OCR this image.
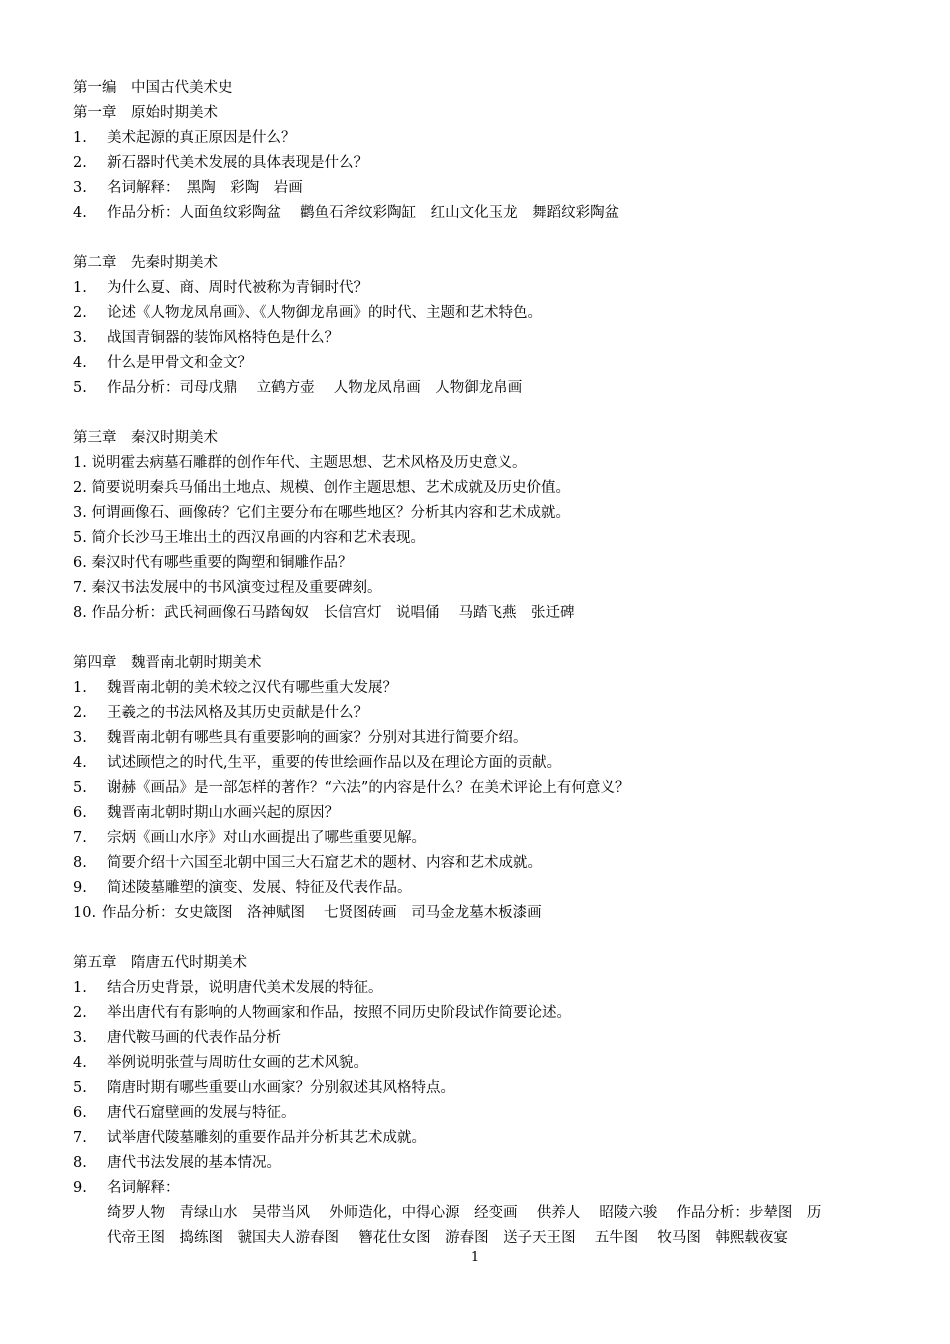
第一编　中国古代美术史
第一章　原始时期美术
1. 美术起源的真正原因是什么？
2. 新石器时代美术发展的具体表现是什么？
3. 名词解释：　黑陶　彩陶　岩画
4. 作品分析：人面鱼纹彩陶盆　 鹳鱼石斧纹彩陶缸　红山文化玉龙　舞蹈纹彩陶盆
第二章　先秦时期美术
1. 为什么夏、商、周时代被称为青铜时代？
2. 论述《人物龙凤帛画》、《人物御龙帛画》的时代、主题和艺术特色。
3. 战国青铜器的装饰风格特色是什么？
4. 什么是甲骨文和金文？
5. 作品分析：司母戊鼎　 立鹤方壶　 人物龙凤帛画　人物御龙帛画
第三章　秦汉时期美术
1. 说明霍去病墓石雕群的创作年代、主题思想、艺术风格及历史意义。
2. 简要说明秦兵马俑出土地点、规模、创作主题思想、艺术成就及历史价值。
3. 何谓画像石、画像砖？它们主要分布在哪些地区？分析其内容和艺术成就。
5. 简介长沙马王堆出土的西汉帛画的内容和艺术表现。
6. 秦汉时代有哪些重要的陶塑和铜雕作品？
7. 秦汉书法发展中的书风演变过程及重要碑刻。
8. 作品分析：武氏祠画像石马踏匈奴　长信宫灯　说唱俑　 马踏飞燕　张迁碑
第四章　魏晋南北朝时期美术
1. 魏晋南北朝的美术较之汉代有哪些重大发展？
2. 王羲之的书法风格及其历史贡献是什么？
3. 魏晋南北朝有哪些具有重要影响的画家？分别对其进行简要介绍。
4. 试述顾恺之的时代,生平，重要的传世绘画作品以及在理论方面的贡献。
5. 谢赫《画品》是一部怎样的著作？“六法”的内容是什么？在美术评论上有何意义？
6. 魏晋南北朝时期山水画兴起的原因？
7. 宗炳《画山水序》对山水画提出了哪些重要见解。
8. 简要介绍十六国至北朝中国三大石窟艺术的题材、内容和艺术成就。
9. 简述陵墓雕塑的演变、发展、特征及代表作品。
10. 作品分析：女史箴图　洛神赋图　 七贤图砖画　司马金龙墓木板漆画
第五章　隋唐五代时期美术
1. 结合历史背景，说明唐代美术发展的特征。
2. 举出唐代有有影响的人物画家和作品，按照不同历史阶段试作简要论述。
3. 唐代鞍马画的代表作品分析
4. 举例说明张萱与周昉仕女画的艺术风貌。
5. 隋唐时期有哪些重要山水画家？分别叙述其风格特点。
6. 唐代石窟壁画的发展与特征。
7. 试举唐代陵墓雕刻的重要作品并分析其艺术成就。
8. 唐代书法发展的基本情况。
9. 名词解释：
绮罗人物　青绿山水　吴带当风　 外师造化，中得心源　经变画　 供养人　 昭陵六骏　 作品分析：步辇图　历
代帝王图　捣练图　虢国夫人游春图　 簪花仕女图　游春图　送子天王图　 五牛图　 牧马图　韩熙载夜宴
1
